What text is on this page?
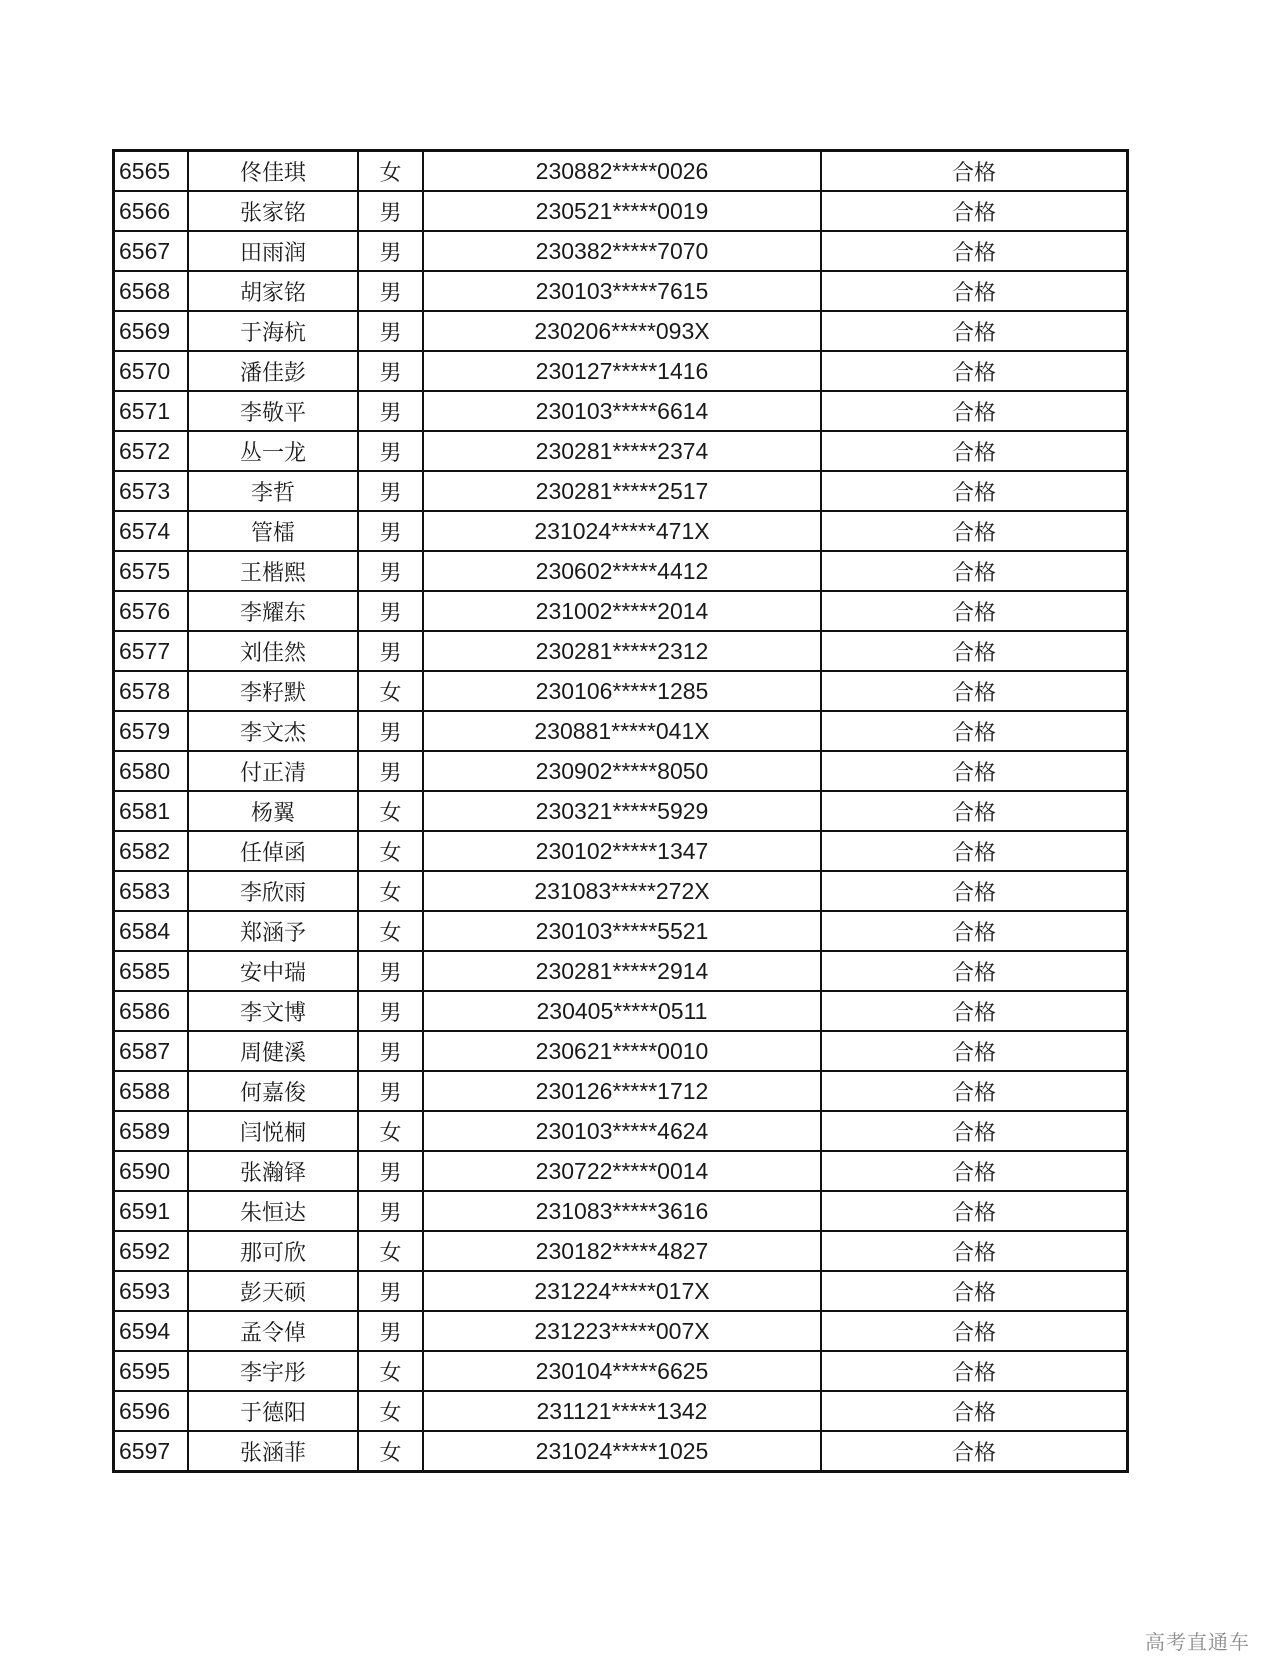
6565	佟佳琪	女	230882*****0026	合格
6566	张家铭	男	230521*****0019	合格
6567	田雨润	男	230382*****7070	合格
6568	胡家铭	男	230103*****7615	合格
6569	于海杭	男	230206*****093X	合格
6570	潘佳彭	男	230127*****1416	合格
6571	李敬平	男	230103*****6614	合格
6572	丛一龙	男	230281*****2374	合格
6573	李哲	男	230281*****2517	合格
6574	管檑	男	231024*****471X	合格
6575	王楷熙	男	230602*****4412	合格
6576	李耀东	男	231002*****2014	合格
6577	刘佳然	男	230281*****2312	合格
6578	李籽默	女	230106*****1285	合格
6579	李文杰	男	230881*****041X	合格
6580	付正清	男	230902*****8050	合格
6581	杨翼	女	230321*****5929	合格
6582	任倬函	女	230102*****1347	合格
6583	李欣雨	女	231083*****272X	合格
6584	郑涵予	女	230103*****5521	合格
6585	安中瑞	男	230281*****2914	合格
6586	李文博	男	230405*****0511	合格
6587	周健溪	男	230621*****0010	合格
6588	何嘉俊	男	230126*****1712	合格
6589	闫悦桐	女	230103*****4624	合格
6590	张瀚铎	男	230722*****0014	合格
6591	朱恒达	男	231083*****3616	合格
6592	那可欣	女	230182*****4827	合格
6593	彭天硕	男	231224*****017X	合格
6594	孟令倬	男	231223*****007X	合格
6595	李宇彤	女	230104*****6625	合格
6596	于德阳	女	231121*****1342	合格
6597	张涵菲	女	231024*****1025	合格
高考直通车
